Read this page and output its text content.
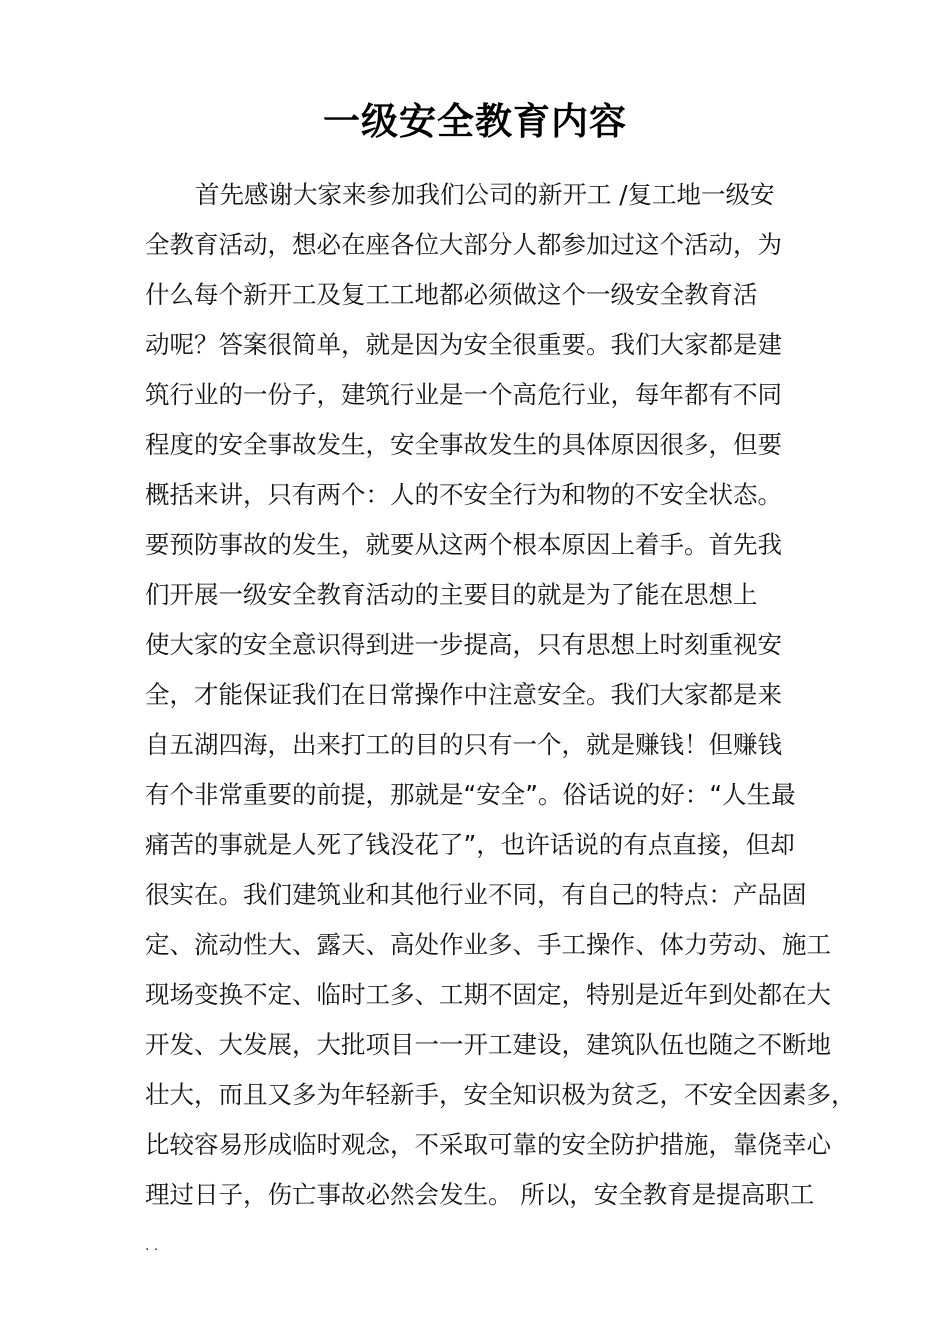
一级安全教育内容
首先感谢大家来参加我们公司的新开工 /复工地一级安
全教育活动，想必在座各位大部分人都参加过这个活动，为
什么每个新开工及复工工地都必须做这个一级安全教育活
动呢？答案很简单，就是因为安全很重要。我们大家都是建
筑行业的一份子，建筑行业是一个高危行业，每年都有不同
程度的安全事故发生，安全事故发生的具体原因很多，但要
概括来讲，只有两个：人的不安全行为和物的不安全状态。
要预防事故的发生，就要从这两个根本原因上着手。首先我
们开展一级安全教育活动的主要目的就是为了能在思想上
使大家的安全意识得到进一步提高，只有思想上时刻重视安
全，才能保证我们在日常操作中注意安全。我们大家都是来
自五湖四海，出来打工的目的只有一个，就是赚钱！但赚钱
有个非常重要的前提，那就是“安全”。俗话说的好：“人生最
痛苦的事就是人死了钱没花了”，也许话说的有点直接，但却
很实在。我们建筑业和其他行业不同，有自己的特点：产品固
定、流动性大、露天、高处作业多、手工操作、体力劳动、施工
现场变换不定、临时工多、工期不固定，特别是近年到处都在大
开发、大发展，大批项目一一开工建设，建筑队伍也随之不断地
壮大，而且又多为年轻新手，安全知识极为贫乏，不安全因素多，
比较容易形成临时观念，不采取可靠的安全防护措施，靠侥幸心
理过日子，伤亡事故必然会发生。 所以，安全教育是提高职工
. .
